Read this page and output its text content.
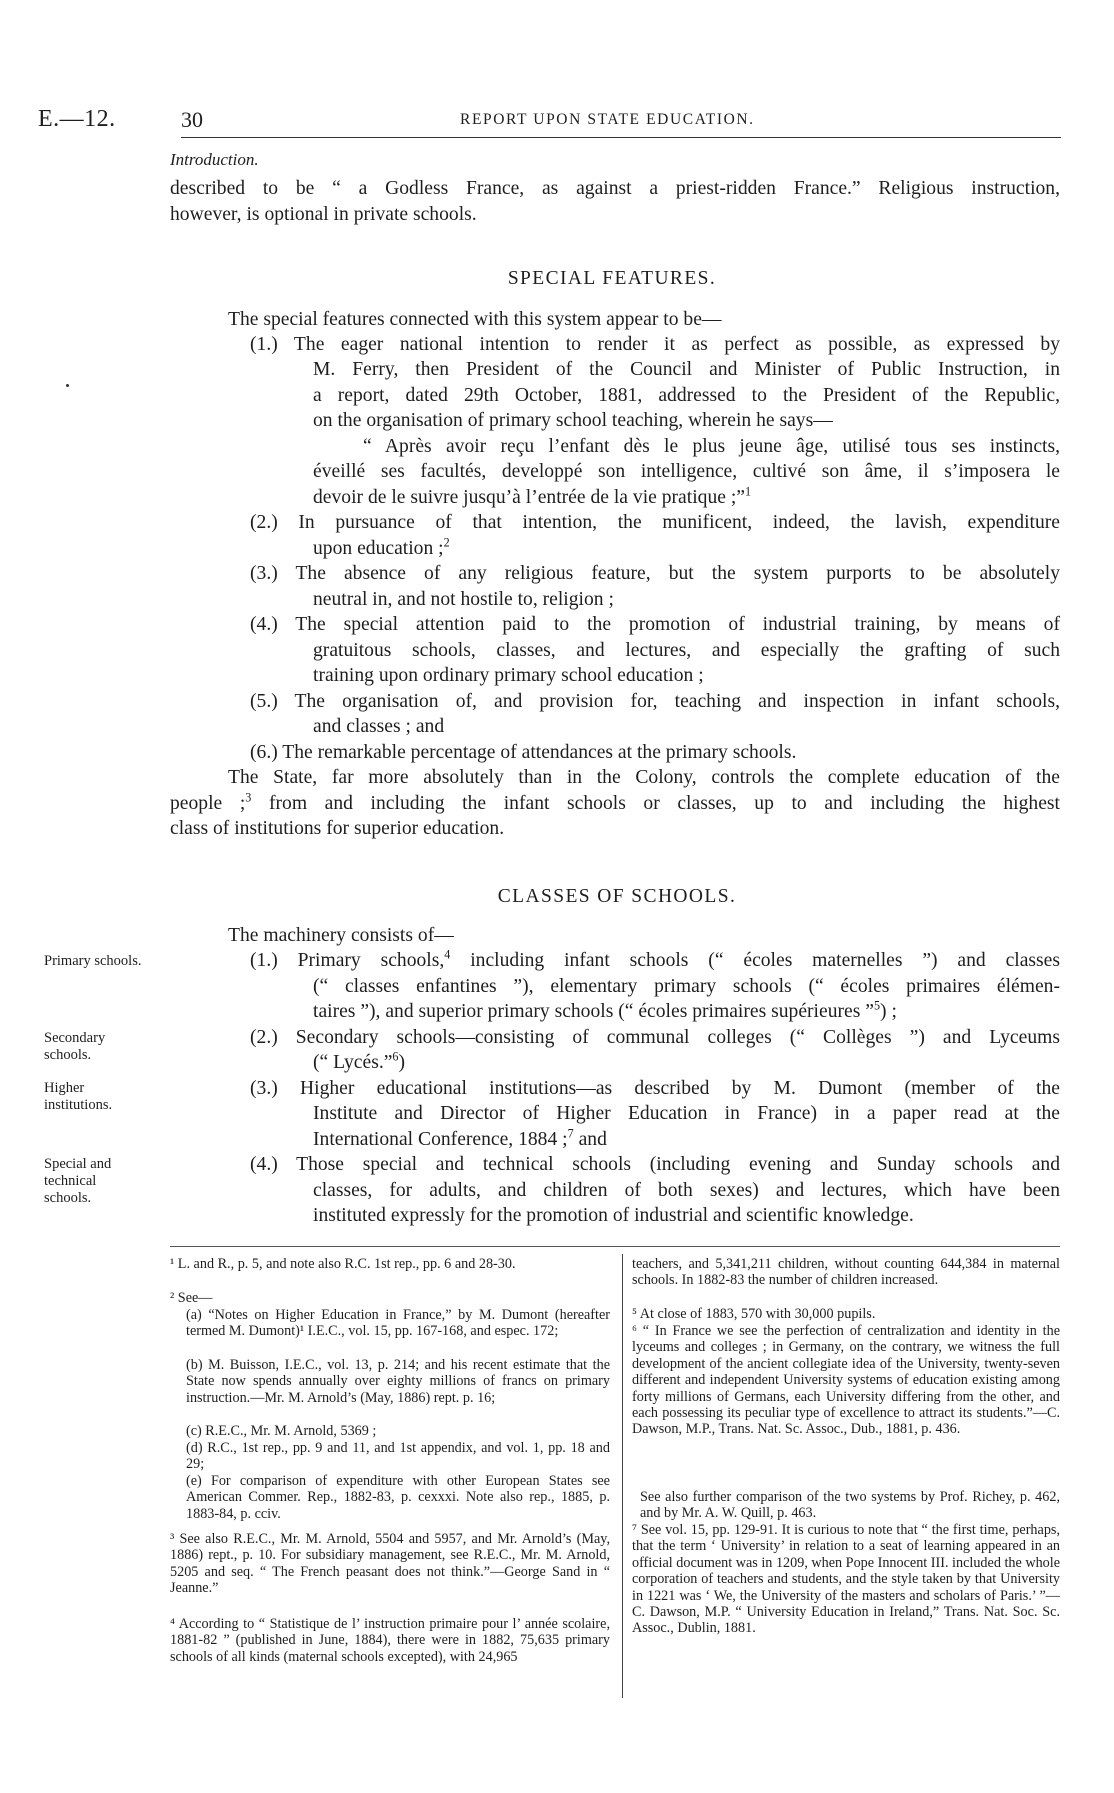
E.—12.	30	REPORT UPON STATE EDUCATION.
Introduction.
described to be “ a Godless France, as against a priest-ridden France.” Religious instruction,
however, is optional in private schools.
SPECIAL FEATURES.
The special features connected with this system appear to be—
(1.) The eager national intention to render it as perfect as possible, as expressed by
M. Ferry, then President of the Council and Minister of Public Instruction, in
a report, dated 29th October, 1881, addressed to the President of the Republic,
on the organisation of primary school teaching, wherein he says—
“ Après avoir reçu l’enfant dès le plus jeune âge, utilisé tous ses instincts,
éveillé ses facultés, developpé son intelligence, cultivé son âme, il s’imposera le
devoir de le suivre jusqu’à l’entrée de la vie pratique ;”$^1$
(2.) In pursuance of that intention, the munificent, indeed, the lavish, expenditure
upon education ;$^2$
(3.) The absence of any religious feature, but the system purports to be absolutely
neutral in, and not hostile to, religion ;
(4.) The special attention paid to the promotion of industrial training, by means of
gratuitous schools, classes, and lectures, and especially the grafting of such
training upon ordinary primary school education ;
(5.) The organisation of, and provision for, teaching and inspection in infant schools,
and classes ; and
(6.) The remarkable percentage of attendances at the primary schools.
The State, far more absolutely than in the Colony, controls the complete education of the
people ;$^3$ from and including the infant schools or classes, up to and including the highest
class of institutions for superior education.
CLASSES OF SCHOOLS.
The machinery consists of—
(1.) Primary schools,$^4$ including infant schools (“ écoles maternelles ”) and classes
(“ classes enfantines ”), elementary primary schools (“ écoles primaires élémen-
taires ”), and superior primary schools (“ écoles primaires supérieures ”$^5$) ;
(2.) Secondary schools—consisting of communal colleges (“ Collèges ”) and Lyceums
(“ Lycés.”$^6$)
(3.) Higher educational institutions—as described by M. Dumont (member of the
Institute and Director of Higher Education in France) in a paper read at the
International Conference, 1884 ;$^7$ and
(4.) Those special and technical schools (including evening and Sunday schools and
classes, for adults, and children of both sexes) and lectures, which have been
instituted expressly for the promotion of industrial and scientific knowledge.
Primary schools.
Secondary schools.
Higher institutions.
Special and technical schools.
¹ L. and R., p. 5, and note also R.C. 1st rep., pp. 6 and 28-30.
² See—
(a) “Notes on Higher Education in France,” by M. Dumont (hereafter termed M. Dumont)¹ I.E.C., vol. 15, pp. 167-168, and espec. 172;
(b) M. Buisson, I.E.C., vol. 13, p. 214; and his recent estimate that the State now spends annually over eighty millions of francs on primary instruction.—Mr. M. Arnold’s (May, 1886) rept. p. 16;
(c) R.E.C., Mr. M. Arnold, 5369 ;
(d) R.C., 1st rep., pp. 9 and 11, and 1st appendix, and vol. 1, pp. 18 and 29;
(e) For comparison of expenditure with other European States see American Commer. Rep., 1882-83, p. cexxxi. Note also rep., 1885, p. 1883-84, p. cciv.
³ See also R.E.C., Mr. M. Arnold, 5504 and 5957, and Mr. Arnold’s (May, 1886) rept., p. 10. For subsidiary management, see R.E.C., Mr. M. Arnold, 5205 and seq. “ The French peasant does not think.”—George Sand in “ Jeanne.”
⁴ According to “ Statistique de l’ instruction primaire pour l’ année scolaire, 1881-82 ” (published in June, 1884), there were in 1882, 75,635 primary schools of all kinds (maternal schools excepted), with 24,965
teachers, and 5,341,211 children, without counting 644,384 in maternal schools. In 1882-83 the number of children increased.
⁵ At close of 1883, 570 with 30,000 pupils.
⁶ “ In France we see the perfection of centralization and identity in the lyceums and colleges ; in Germany, on the contrary, we witness the full development of the ancient collegiate idea of the University, twenty-seven different and independent University systems of education existing among forty millions of Germans, each University differing from the other, and each possessing its peculiar type of excellence to attract its students.”—C. Dawson, M.P., Trans. Nat. Sc. Assoc., Dub., 1881, p. 436.
See also further comparison of the two systems by Prof. Richey, p. 462, and by Mr. A. W. Quill, p. 463.
⁷ See vol. 15, pp. 129-91. It is curious to note that “ the first time, perhaps, that the term ‘ University’ in relation to a seat of learning appeared in an official document was in 1209, when Pope Innocent III. included the whole corporation of teachers and students, and the style taken by that University in 1221 was ‘ We, the University of the masters and scholars of Paris.’ ”—C. Dawson, M.P. “ University Education in Ireland,” Trans. Nat. Soc. Sc. Assoc., Dublin, 1881.
